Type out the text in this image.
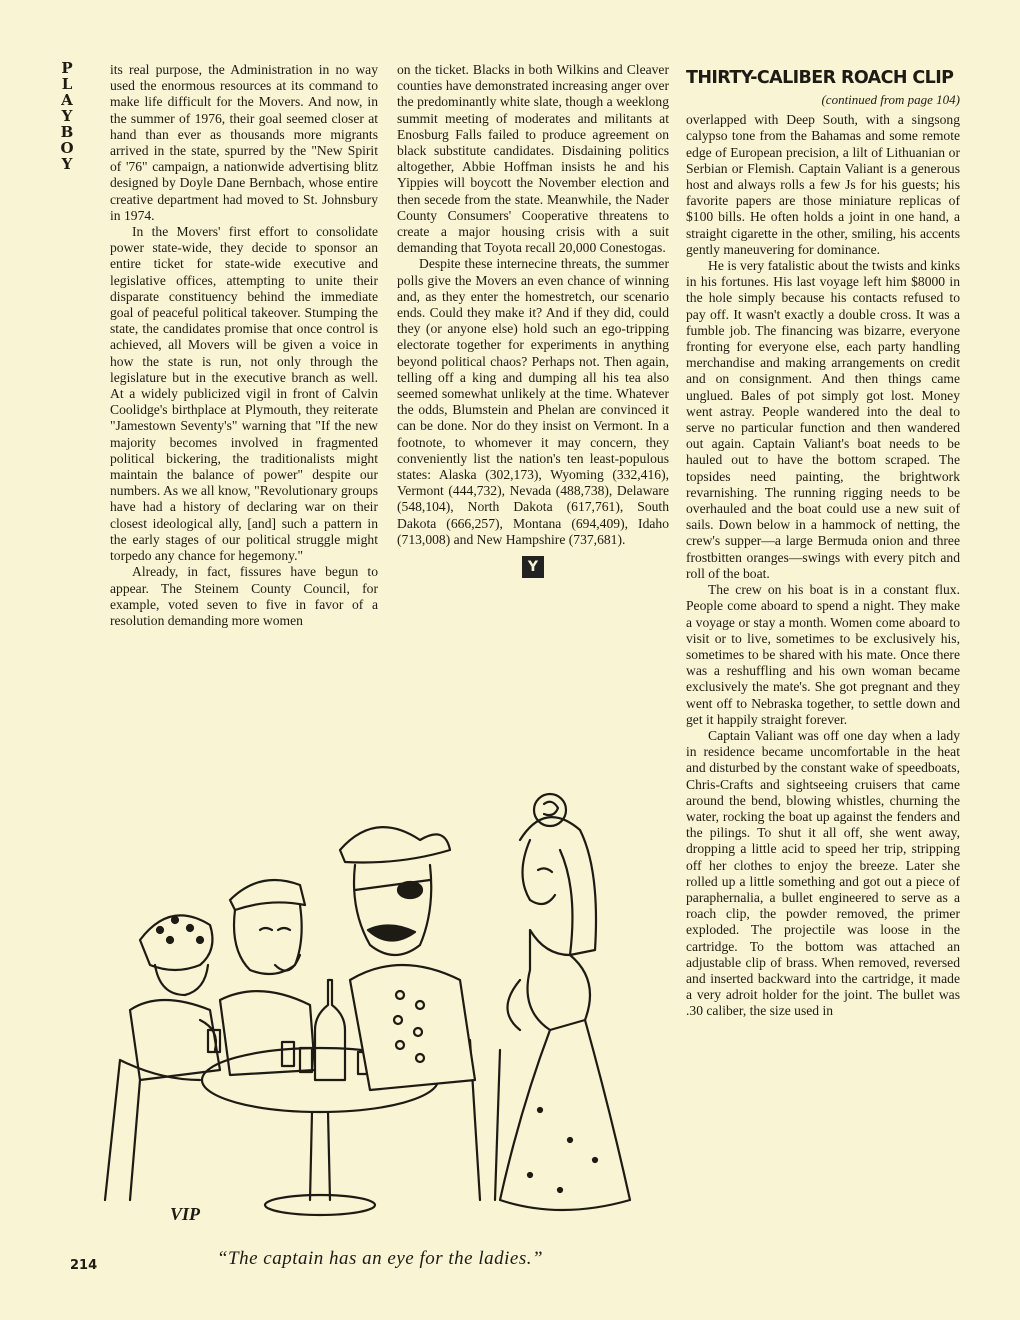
P
L
A
Y
B
O
Y

its real purpose, the Administration in no way used the enormous resources at its command to make life difficult for the Movers. And now, in the summer of 1976, their goal seemed closer at hand than ever as thousands more migrants arrived in the state, spurred by the "New Spirit of '76" campaign, a nationwide advertising blitz designed by Doyle Dane Bernbach, whose entire creative department had moved to St. Johnsbury in 1974.

In the Movers' first effort to consolidate power state-wide, they decide to sponsor an entire ticket for state-wide executive and legislative offices, attempting to unite their disparate constituency behind the immediate goal of peaceful political takeover. Stumping the state, the candidates promise that once control is achieved, all Movers will be given a voice in how the state is run, not only through the legislature but in the executive branch as well. At a widely publicized vigil in front of Calvin Coolidge's birthplace at Plymouth, they reiterate "Jamestown Seventy's" warning that "If the new majority becomes involved in fragmented political bickering, the traditionalists might maintain the balance of power" despite our numbers. As we all know, "Revolutionary groups have had a history of declaring war on their closest ideological ally, [and] such a pattern in the early stages of our political struggle might torpedo any chance for hegemony."

Already, in fact, fissures have begun to appear. The Steinem County Council, for example, voted seven to five in favor of a resolution demanding more women

on the ticket. Blacks in both Wilkins and Cleaver counties have demonstrated increasing anger over the predominantly white slate, though a weeklong summit meeting of moderates and militants at Enosburg Falls failed to produce agreement on black substitute candidates. Disdaining politics altogether, Abbie Hoffman insists he and his Yippies will boycott the November election and then secede from the state. Meanwhile, the Nader County Consumers' Cooperative threatens to create a major housing crisis with a suit demanding that Toyota recall 20,000 Conestogas.

Despite these internecine threats, the summer polls give the Movers an even chance of winning and, as they enter the homestretch, our scenario ends. Could they make it? And if they did, could they (or anyone else) hold such an ego-tripping electorate together for experiments in anything beyond political chaos? Perhaps not. Then again, telling off a king and dumping all his tea also seemed somewhat unlikely at the time. Whatever the odds, Blumstein and Phelan are convinced it can be done. Nor do they insist on Vermont. In a footnote, to whomever it may concern, they conveniently list the nation's ten least-populous states: Alaska (302,173), Wyoming (332,416), Vermont (444,732), Nevada (488,738), Delaware (548,104), North Dakota (617,761), South Dakota (666,257), Montana (694,409), Idaho (713,008) and New Hampshire (737,681).

Y
THIRTY-CALIBER ROACH CLIP
(continued from page 104)

overlapped with Deep South, with a singsong calypso tone from the Bahamas and some remote edge of European precision, a lilt of Lithuanian or Serbian or Flemish. Captain Valiant is a generous host and always rolls a few Js for his guests; his favorite papers are those miniature replicas of $100 bills. He often holds a joint in one hand, a straight cigarette in the other, smiling, his accents gently maneuvering for dominance.

He is very fatalistic about the twists and kinks in his fortunes. His last voyage left him $8000 in the hole simply because his contacts refused to pay off. It wasn't exactly a double cross. It was a fumble job. The financing was bizarre, everyone fronting for everyone else, each party handling merchandise and making arrangements on credit and on consignment. And then things came unglued. Bales of pot simply got lost. Money went astray. People wandered into the deal to serve no particular function and then wandered out again. Captain Valiant's boat needs to be hauled out to have the bottom scraped. The topsides need painting, the brightwork revarnishing. The running rigging needs to be overhauled and the boat could use a new suit of sails. Down below in a hammock of netting, the crew's supper—a large Bermuda onion and three frostbitten oranges—swings with every pitch and roll of the boat.

The crew on his boat is in a constant flux. People come aboard to spend a night. They make a voyage or stay a month. Women come aboard to visit or to live, sometimes to be exclusively his, sometimes to be shared with his mate. Once there was a reshuffling and his own woman became exclusively the mate's. She got pregnant and they went off to Nebraska together, to settle down and get it happily straight forever.

Captain Valiant was off one day when a lady in residence became uncomfortable in the heat and disturbed by the constant wake of speedboats, Chris-Crafts and sightseeing cruisers that came around the bend, blowing whistles, churning the water, rocking the boat up against the fenders and the pilings. To shut it all off, she went away, dropping a little acid to speed her trip, stripping off her clothes to enjoy the breeze. Later she rolled up a little something and got out a piece of paraphernalia, a bullet engineered to serve as a roach clip, the powder removed, the primer exploded. The projectile was loose in the cartridge. To the bottom was attached an adjustable clip of brass. When removed, reversed and inserted backward into the cartridge, it made a very adroit holder for the joint. The bullet was .30 caliber, the size used in

VIP
“The captain has an eye for the ladies.”
214
